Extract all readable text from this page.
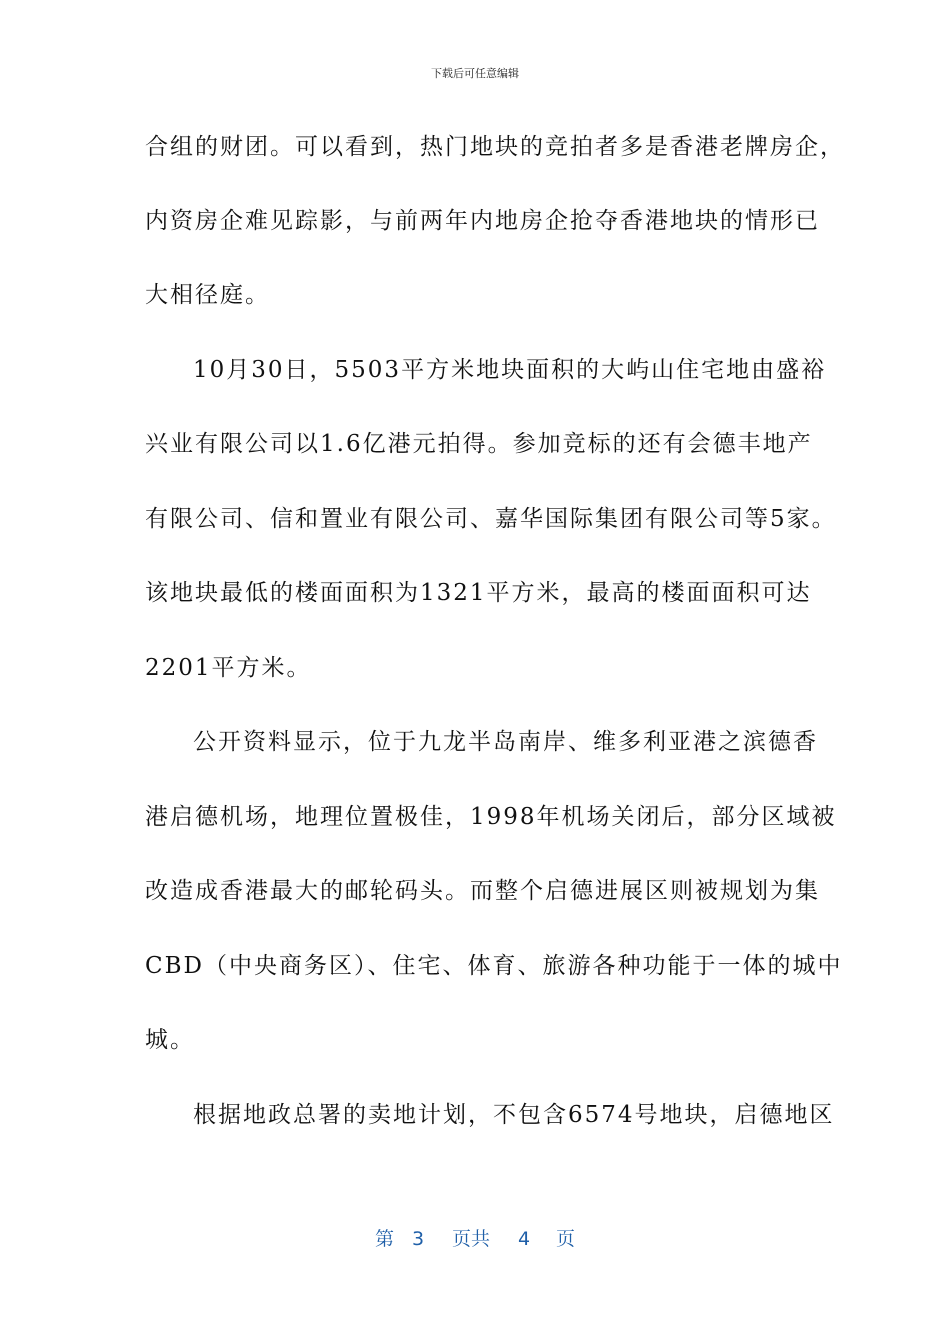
下载后可任意编辑
合组的财团。可以看到，热门地块的竞拍者多是香港老牌房企，
内资房企难见踪影，与前两年内地房企抢夺香港地块的情形已
大相径庭。
10月30日，5503平方米地块面积的大屿山住宅地由盛裕
兴业有限公司以1.6亿港元拍得。参加竞标的还有会德丰地产
有限公司、信和置业有限公司、嘉华国际集团有限公司等5家。
该地块最低的楼面面积为1321平方米，最高的楼面面积可达
2201平方米。
公开资料显示，位于九龙半岛南岸、维多利亚港之滨德香
港启德机场，地理位置极佳，1998年机场关闭后，部分区域被
改造成香港最大的邮轮码头。而整个启德进展区则被规划为集
CBD（中央商务区）、住宅、体育、旅游各种功能于一体的城中
城。
根据地政总署的卖地计划，不包含6574号地块，启德地区
第 3 页共 4 页
